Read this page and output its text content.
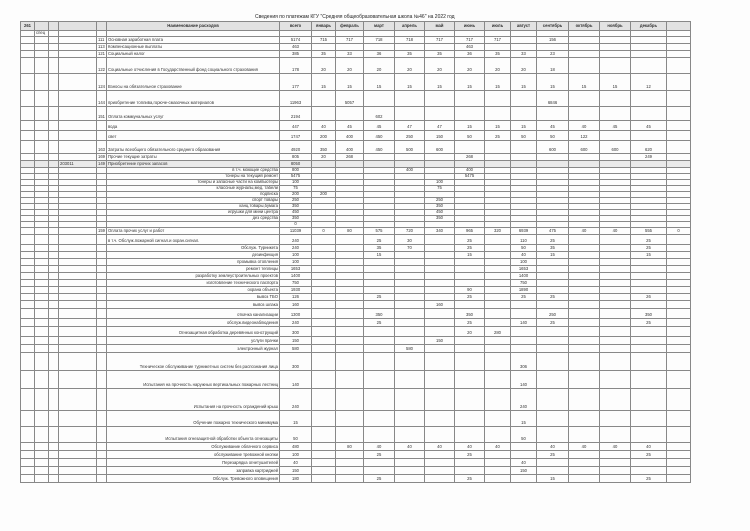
Сведения по платежам КГУ "Средняя общеобразовательная школа №46" на 2022 год
261					Наименование расходов	всего	январь	февраль	март	апрель	май	июнь	июль	август	сентябрь	октябрь	ноябрь	декабрь	
	спец																		
				111	Основная заработная плата	5174	715	717	718	718	717	717	717		156				
				113	Компенсационные выплаты	463						463							
				121	Социальный налог	385	35	33	36	35	35	36	35	33	23				
				122	Социальные отчисления в Государственный фонд социального страхования	178	20	20	20	20	20	20	20	20	18				
				124	Взносы на обязательное страхование	177	15	15	15	15	15	15	15	15	15	15	15	12	
				144	приобретение топлива,горюче-смазочных материалов	11963		5057							6846				
				151	Оплата коммунальных услуг	2194			602										
					вода	447	40	45	45	47	47	15	15	15	45	40	45	45	
					свет	1747	200	400	450	250	150	50	25	50	50	122			
				163	Затраты всеобщего обязательного среднего образования	4920	350	400	450	500	600				600	600	600	620	
				169	Прочие текущие затраты	805	20	268				268						249	
			203011	149	Приобретение прочих запасов	8050													
					в т.ч. моющие средства	800				400		400							
					тонеры на текущий ремонт	5475						5475							
					тонеры и запасные части на компьютеры	100					100								
					классные журналы,мед. табели	75					75								
					подписка	200	200												
					спорт товары	250					250								
					канц.товары,бумага	350					350								
					игрушки для мини центра	450					450								
					дез средства	350					350								
						0													
				159	Оплата прочих услуг и работ	11039	0	80	575	720	340	965	320	6939	475	40	40	555	0
					в т.ч. Обслуж.пожарной сигнал.и охран.сигнал.	240			25	30		25		110	25			25	
					Обслуж. Турникета	240			35	70		25		50	35			25	
					дезинфекция	100			15			15		40	15			15	
					промывка отопления	100								100					
					ремонт теплицы	1653								1653					
					разработку землеустроительных проектов	1400								1400					
					изготовление технического паспорта	750								750					
					охрана объекта	1930						90		1890					
					вывоз ТБО	126			25			25		25	25			26	
					вывоз шлака	160					160								
					откачка канализации	1300			350			350			250			350	
					обслуж.видеонаблюдения	240			25			25		140	25			25	
					Огнезащитная обработка деревянных конструкций	300						20	280						
					услуги прачки	150					150								
					электронный журнал	580				580									
					Техническое обслуживание турникетных систем без распознания лица	300								306					
					Испытания на прочность наружных вертикальных пожарных лестниц	140								140					
					Испытания на прочность ограждений крыш	240								240					
					Обучение пожарно технического минимума	15								15					
					Испытания огнезащитной обработки объекта огнезащиты	50								50					
					Обслуживание облачного сервиса	480		80	40	40	40	40	40		40	40	40	40	
					обслуживание тревожной кнопки	100			25			25			25			25	
					Перезарядка огнетушителей	40								40					
					заправка картриджей	150								150					
					Обслуж. Тревожного оповещения	180			25			25			15			25	
